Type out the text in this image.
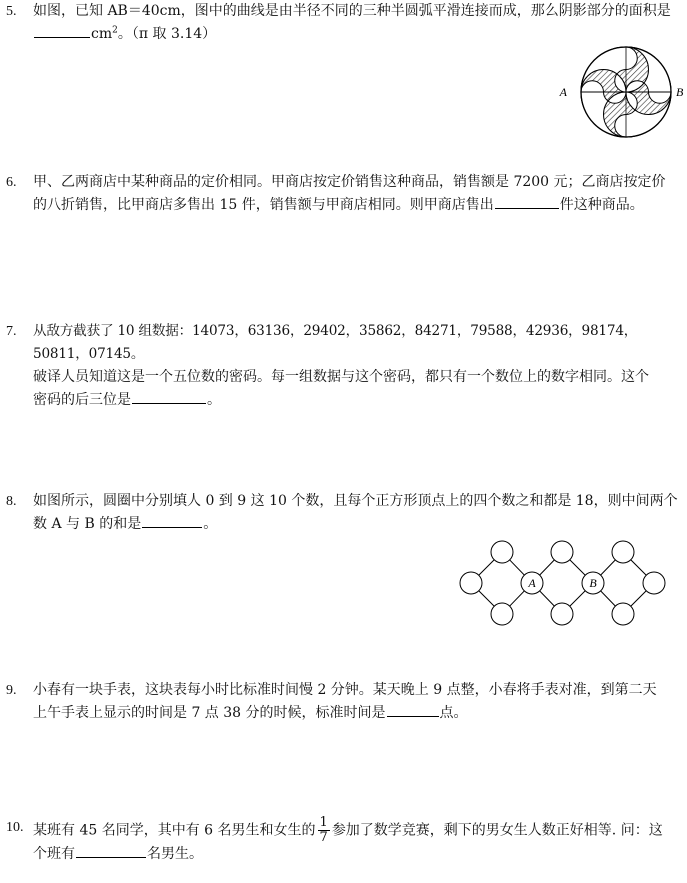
5. 如图，已知 AB＝40cm，图中的曲线是由半径不同的三种半圆弧平滑连接而成，那么阴影部分的面积是
$cm^2$。（π 取 3.14）
A	B
6. 甲、乙两商店中某种商品的定价相同。甲商店按定价销售这种商品，销售额是 7200 元；乙商店按定价
的八折销售，比甲商店多售出 15 件，销售额与甲商店相同。则甲商店售出	件这种商品。
7. 从敌方截获了 10 组数据：14073，63136，29402，35862，84271，79588，42936，98174，50811，07145。
破译人员知道这是一个五位数的密码。每一组数据与这个密码，都只有一个数位上的数字相同。这个
密码的后三位是	。
8. 如图所示，圆圈中分别填人 0 到 9 这 10 个数，且每个正方形顶点上的四个数之和都是 18，则中间两个
数 A 与 B 的和是	。
A	B
9. 小春有一块手表，这块表每小时比标准时间慢 2 分钟。某天晚上 9 点整，小春将手表对准，到第二天
上午手表上显示的时间是 7 点 38 分的时候，标准时间是	点。
10. 某班有 45 名同学，其中有 6 名男生和女生的 $\frac{1}{7}$ 参加了数学竞赛，剩下的男女生人数正好相等. 问：这
个班有	名男生。
